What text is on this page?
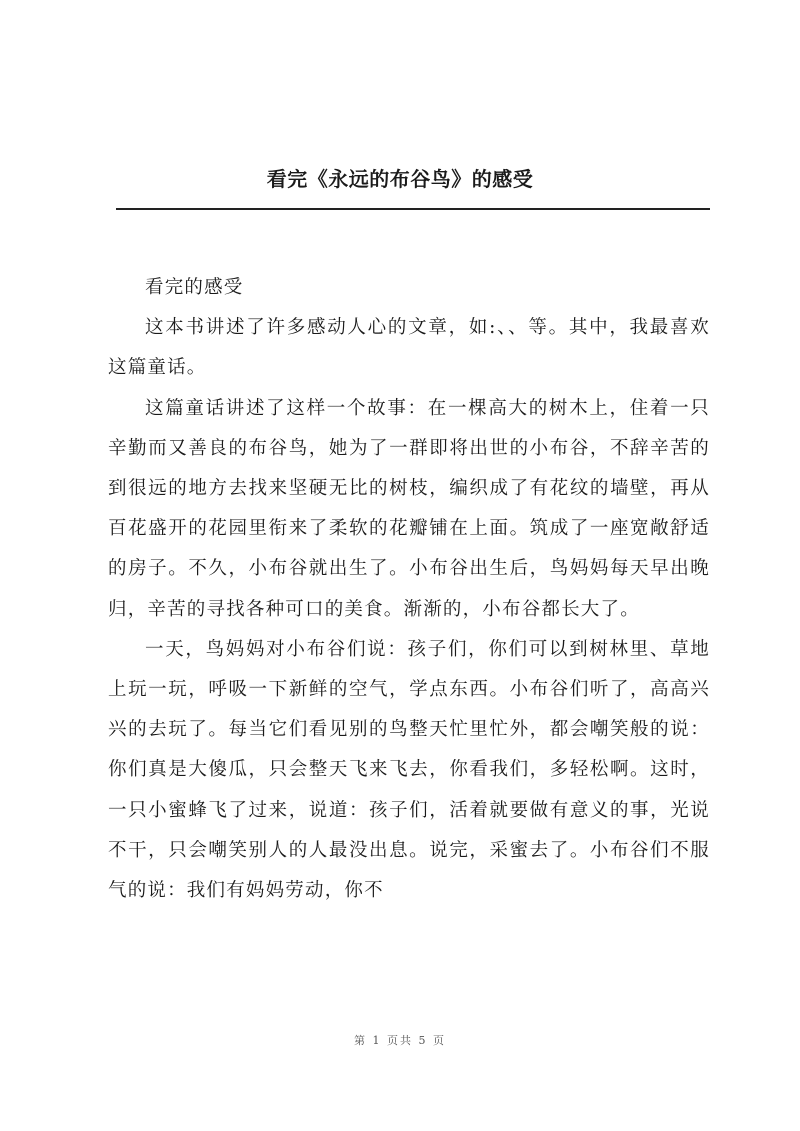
看完《永远的布谷鸟》的感受

看完的感受

这本书讲述了许多感动人心的文章，如:、、等。其中，我最喜欢这篇童话。

这篇童话讲述了这样一个故事：在一棵高大的树木上，住着一只辛勤而又善良的布谷鸟，她为了一群即将出世的小布谷，不辞辛苦的到很远的地方去找来坚硬无比的树枝，编织成了有花纹的墙壁，再从百花盛开的花园里衔来了柔软的花瓣铺在上面。筑成了一座宽敞舒适的房子。不久，小布谷就出生了。小布谷出生后，鸟妈妈每天早出晚归，辛苦的寻找各种可口的美食。渐渐的，小布谷都长大了。

一天，鸟妈妈对小布谷们说：孩子们，你们可以到树林里、草地上玩一玩，呼吸一下新鲜的空气，学点东西。小布谷们听了，高高兴兴的去玩了。每当它们看见别的鸟整天忙里忙外，都会嘲笑般的说：你们真是大傻瓜，只会整天飞来飞去，你看我们，多轻松啊。这时，一只小蜜蜂飞了过来，说道：孩子们，活着就要做有意义的事，光说不干，只会嘲笑别人的人最没出息。说完，采蜜去了。小布谷们不服气的说：我们有妈妈劳动，你不

第 1 页共 5 页
